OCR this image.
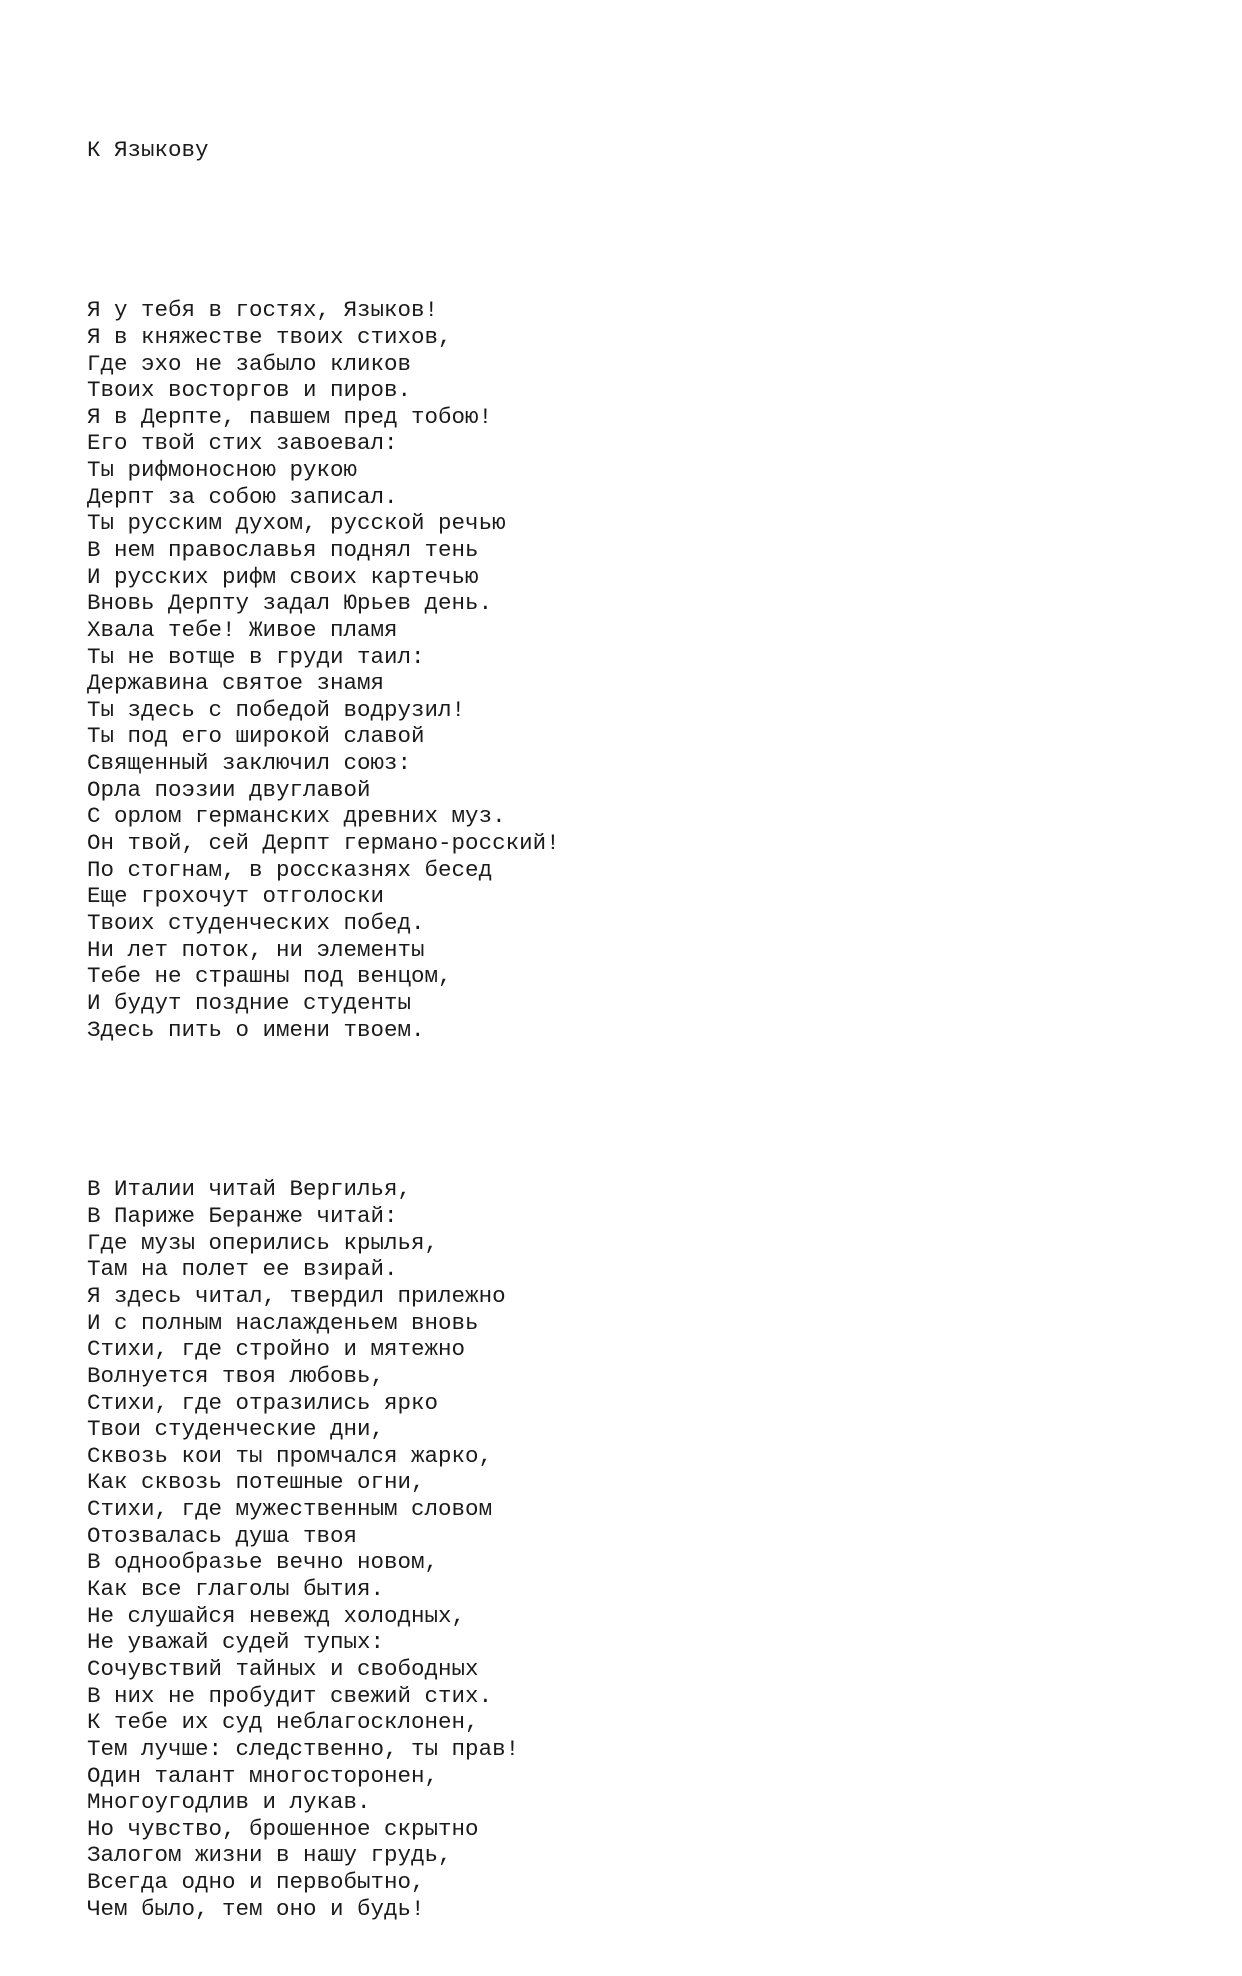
К Языкову

Я у тебя в гостях, Языков!
Я в княжестве твоих стихов,
Где эхо не забыло кликов
Твоих восторгов и пиров.
Я в Дерпте, павшем пред тобою!
Его твой стих завоевал:
Ты рифмоносною рукою
Дерпт за собою записал.
Ты русским духом, русской речью
В нем православья поднял тень
И русских рифм своих картечью
Вновь Дерпту задал Юрьев день.
Хвала тебе! Живое пламя
Ты не вотще в груди таил:
Державина святое знамя
Ты здесь с победой водрузил!
Ты под его широкой славой
Священный заключил союз:
Орла поэзии двуглавой
С орлом германских древних муз.
Он твой, сей Дерпт германо-росский!
По стогнам, в россказнях бесед
Еще грохочут отголоски
Твоих студенческих побед.
Ни лет поток, ни элементы
Тебе не страшны под венцом,
И будут поздние студенты
Здесь пить о имени твоем.

В Италии читай Вергилья,
В Париже Беранже читай:
Где музы оперились крылья,
Там на полет ее взирай.
Я здесь читал, твердил прилежно
И с полным наслажденьем вновь
Стихи, где стройно и мятежно
Волнуется твоя любовь,
Стихи, где отразились ярко
Твои студенческие дни,
Сквозь кои ты промчался жарко,
Как сквозь потешные огни,
Стихи, где мужественным словом
Отозвалась душа твоя
В однообразье вечно новом,
Как все глаголы бытия.
Не слушайся невежд холодных,
Не уважай судей тупых:
Сочувствий тайных и свободных
В них не пробудит свежий стих.
К тебе их суд неблагосклонен,
Тем лучше: следственно, ты прав!
Один талант многосторонен,
Многоугодлив и лукав.
Но чувство, брошенное скрытно
Залогом жизни в нашу грудь,
Всегда одно и первобытно,
Чем было, тем оно и будь!
